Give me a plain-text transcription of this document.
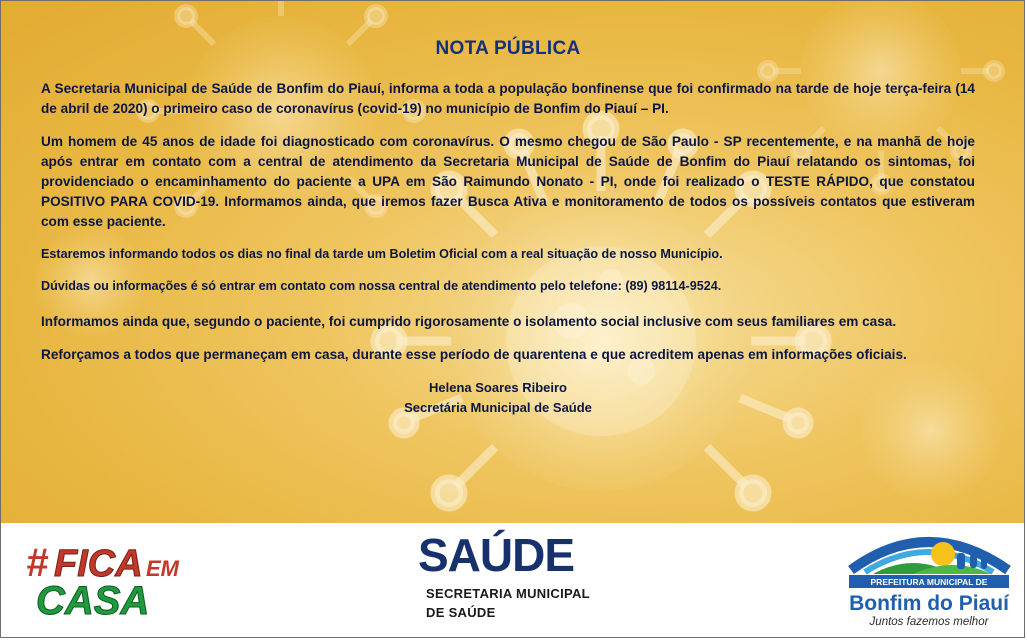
NOTA PÚBLICA

A Secretaria Municipal de Saúde de Bonfim do Piauí, informa a toda a população bonfinense que foi confirmado na tarde de hoje terça-feira (14 de abril de 2020) o primeiro caso de coronavírus (covid-19) no município de Bonfim do Piauí – PI.

Um homem de 45 anos de idade foi diagnosticado com coronavírus. O mesmo chegou de São Paulo - SP recentemente, e na manhã de hoje após entrar em contato com a central de atendimento da Secretaria Municipal de Saúde de Bonfim do Piauí relatando os sintomas, foi providenciado o encaminhamento do paciente a UPA em São Raimundo Nonato - PI, onde foi realizado o TESTE RÁPIDO, que constatou POSITIVO PARA COVID-19. Informamos ainda, que iremos fazer Busca Ativa e monitoramento de todos os possíveis contatos que estiveram com esse paciente.

Estaremos informando todos os dias no final da tarde um Boletim Oficial com a real situação de nosso Município.

Dúvidas ou informações é só entrar em contato com nossa central de atendimento pelo telefone: (89) 98114-9524.

Informamos ainda que, segundo o paciente, foi cumprido rigorosamente o isolamento social inclusive com seus familiares em casa.

Reforçamos a todos que permaneçam em casa, durante esse período de quarentena e que acreditem apenas em informações oficiais.

Helena Soares Ribeiro
Secretária Municipal de Saúde
# FICA EM
CASA
SAÚDE
SECRETARIA MUNICIPAL
DE SAÚDE
PREFEITURA MUNICIPAL DE
Bonfim do Piauí
Juntos fazemos melhor
